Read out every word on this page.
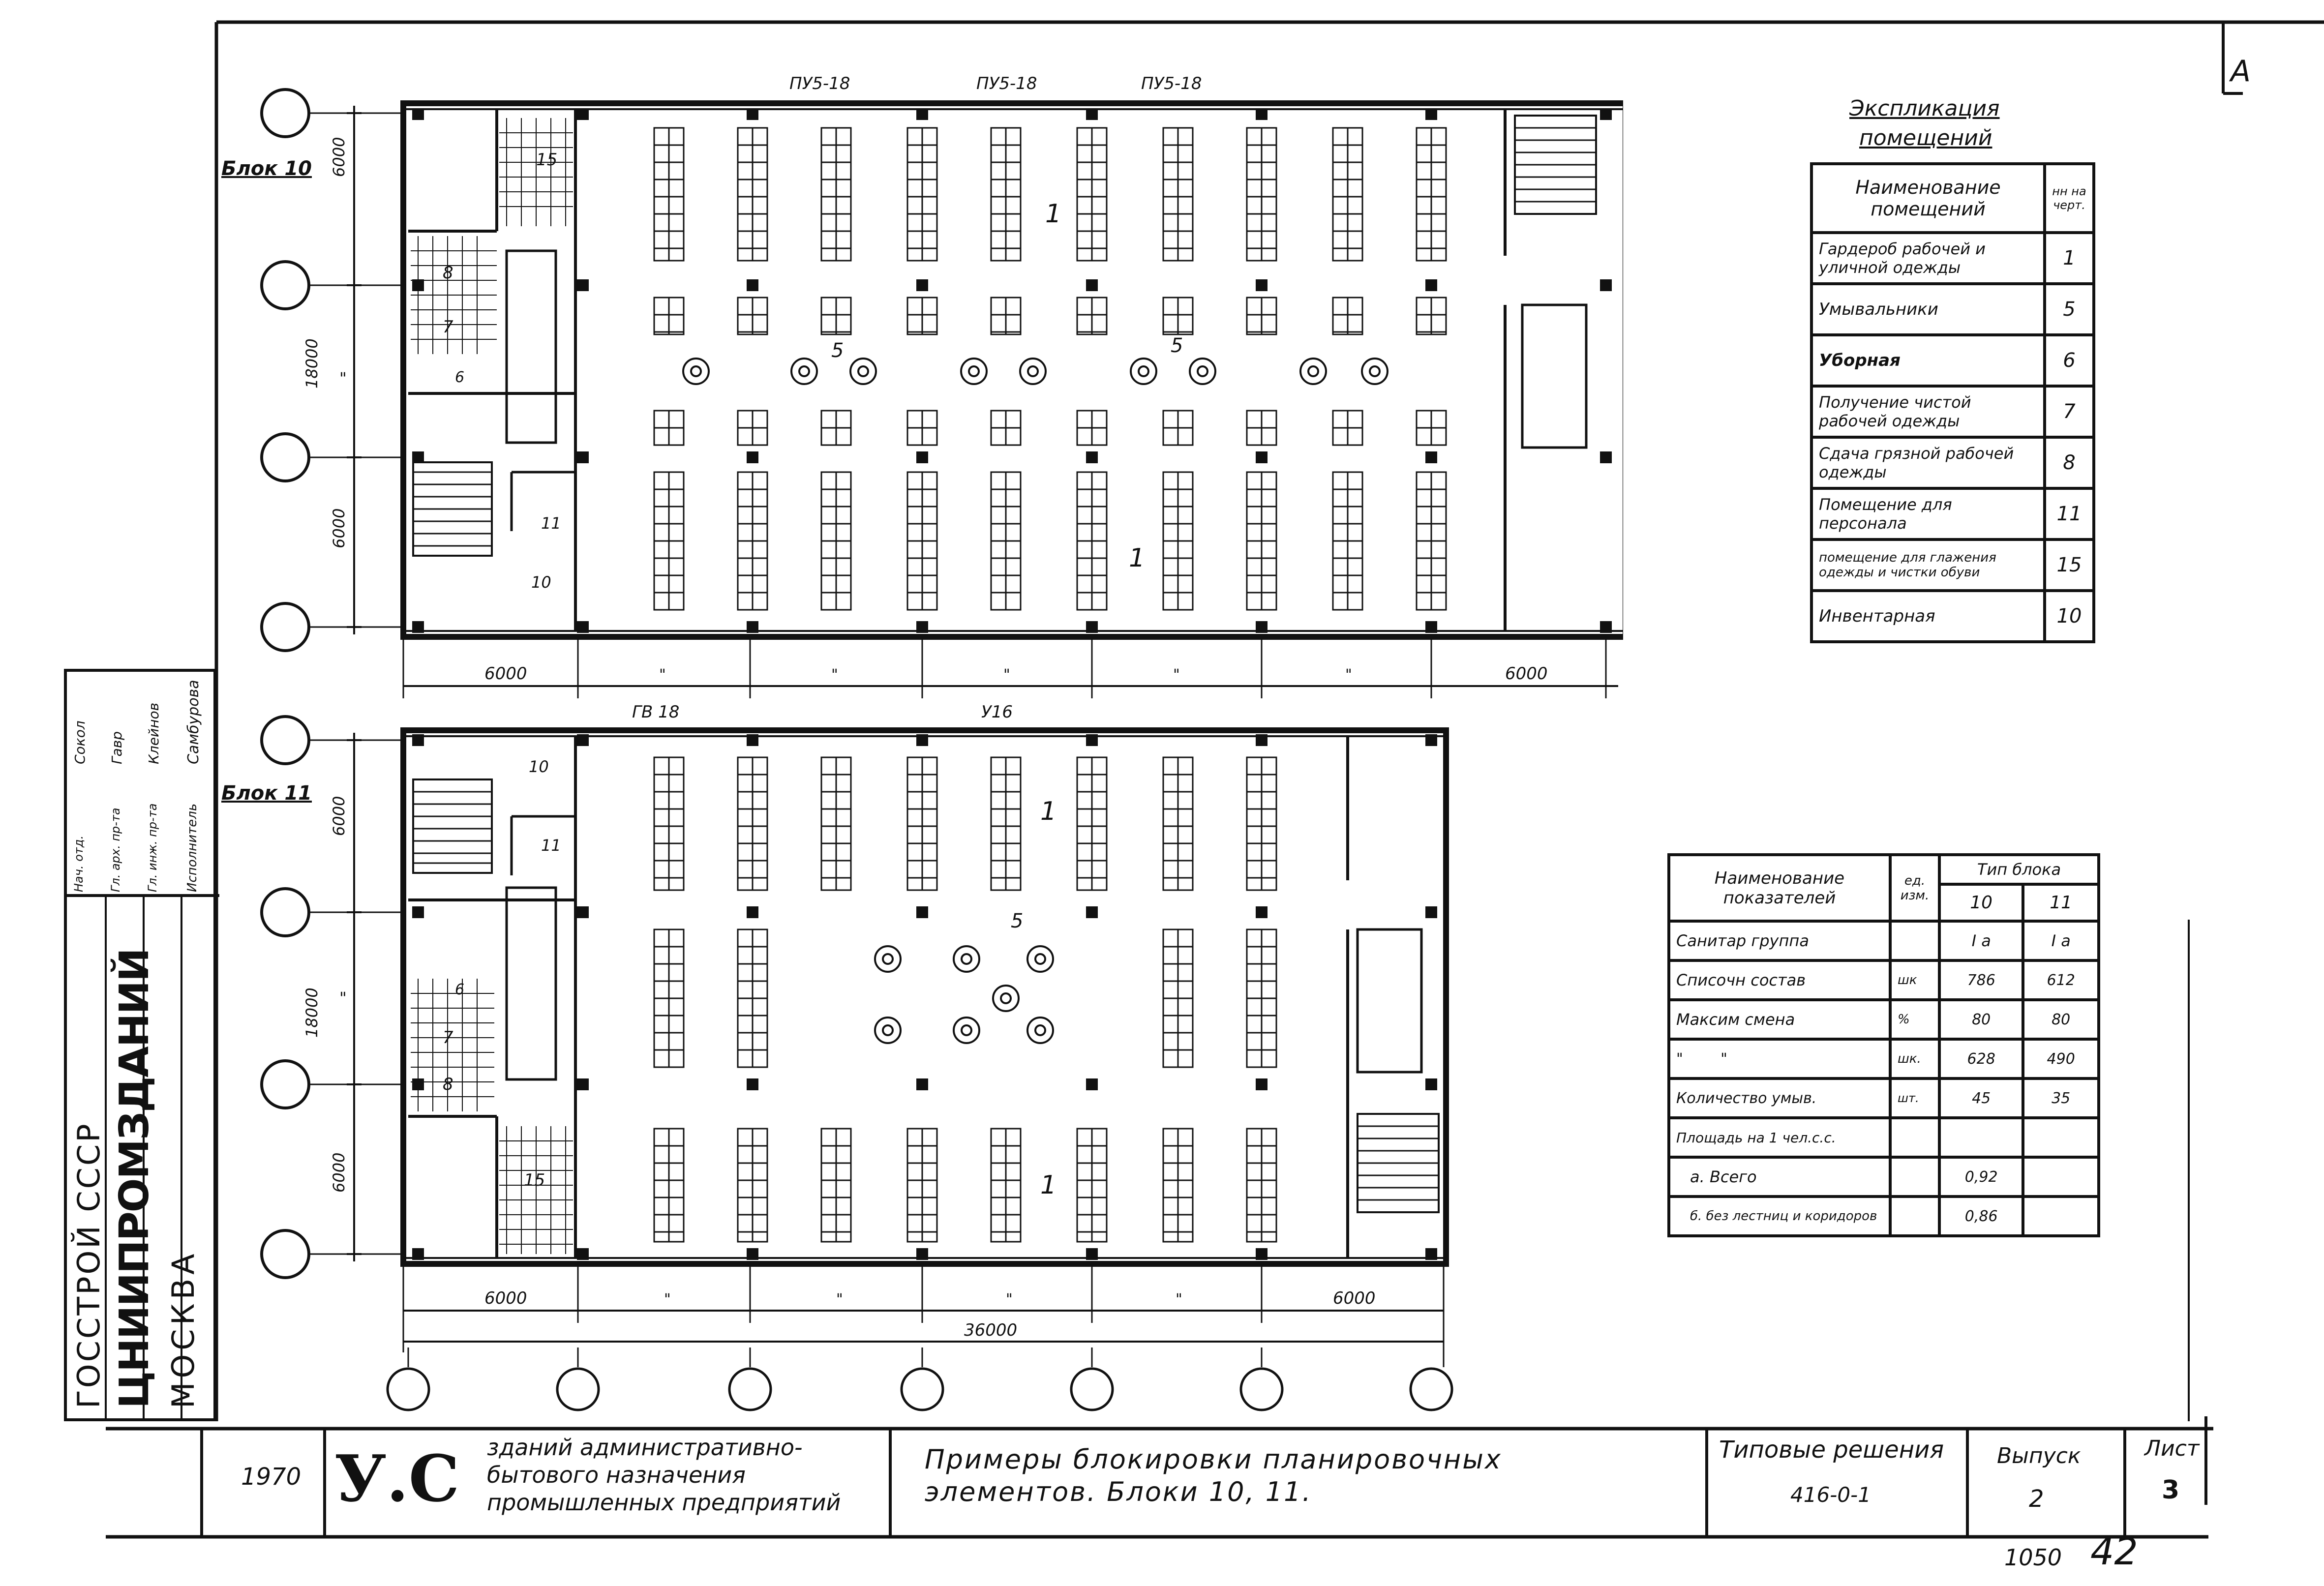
A
Блок 10
ПУ5-18	ПУ5-18	ПУ5-18
6000
18000 "
6000
6000	"	"	"	"	"	6000
1
1
5	5
15
8
7
6
11
10
Блок 11
ГВ 18	У16
6000
18000 "
6000
6000	"	"	"	"	6000
36000
1
1
5
10
11
6
7
8
15
Экспликация
помещений
Наименование помещений	нн на черт.
Гардероб рабочей и уличной одежды	1
Умывальники	5
Уборная	6
Получение чистой рабочей одежды	7
Сдача грязной рабочей одежды	8
Помещение для персонала	11
помещение для глажения одежды и чистки обуви	15
Инвентарная	10
Наименование показателей	ед. изм.	Тип блока	
		10	11
Санитар группа		I a	I a
Списочн состав	шк	786	612
Максим смена	%	80	80
"        "	шк.	628	490
Количество умыв.	шт.	45	35
Площадь на 1 чел.с.с.			
а. Всего		0,92	
б. без лестниц и коридоров		0,86	
Нач. отд.
Сокол
Гл. арх. пр-та
Гавр
Гл. инж. пр-та
Клейнов
Исполнитель
Самбурова
ГОССТРОЙ СССР ЦНИИПРОМЗДАНИЙ МОСКВА
1970 У.С зданий административно-бытового назначения промышленных предприятий
Примеры блокировки планировочных элементов. Блоки 10, 11.
Типовые решения
416-0-1
Выпуск
2
Лист
3
1050 42
